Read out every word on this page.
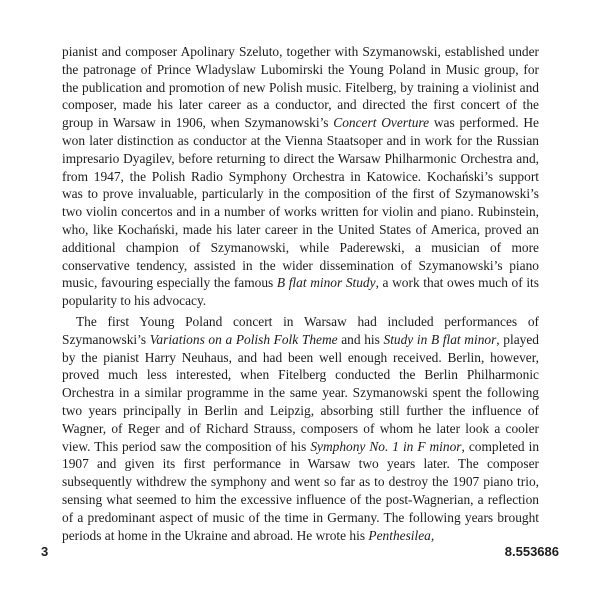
pianist and composer Apolinary Szeluto, together with Szymanowski, established under the patronage of Prince Wladyslaw Lubomirski the Young Poland in Music group, for the publication and promotion of new Polish music. Fitelberg, by training a violinist and composer, made his later career as a conductor, and directed the first concert of the group in Warsaw in 1906, when Szymanowski’s Concert Overture was performed. He won later distinction as conductor at the Vienna Staatsoper and in work for the Russian impresario Dyagilev, before returning to direct the Warsaw Philharmonic Orchestra and, from 1947, the Polish Radio Symphony Orchestra in Katowice. Kochański’s support was to prove invaluable, particularly in the composition of the first of Szymanowski’s two violin concertos and in a number of works written for violin and piano. Rubinstein, who, like Kochański, made his later career in the United States of America, proved an additional champion of Szymanowski, while Paderewski, a musician of more conservative tendency, assisted in the wider dissemination of Szymanowski’s piano music, favouring especially the famous B flat minor Study, a work that owes much of its popularity to his advocacy.

The first Young Poland concert in Warsaw had included performances of Szymanowski’s Variations on a Polish Folk Theme and his Study in B flat minor, played by the pianist Harry Neuhaus, and had been well enough received. Berlin, however, proved much less interested, when Fitelberg conducted the Berlin Philharmonic Orchestra in a similar programme in the same year. Szymanowski spent the following two years principally in Berlin and Leipzig, absorbing still further the influence of Wagner, of Reger and of Richard Strauss, composers of whom he later look a cooler view. This period saw the composition of his Symphony No. 1 in F minor, completed in 1907 and given its first performance in Warsaw two years later. The composer subsequently withdrew the symphony and went so far as to destroy the 1907 piano trio, sensing what seemed to him the excessive influence of the post-Wagnerian, a reflection of a predominant aspect of music of the time in Germany. The following years brought periods at home in the Ukraine and abroad. He wrote his Penthesilea,

3	8.553686
